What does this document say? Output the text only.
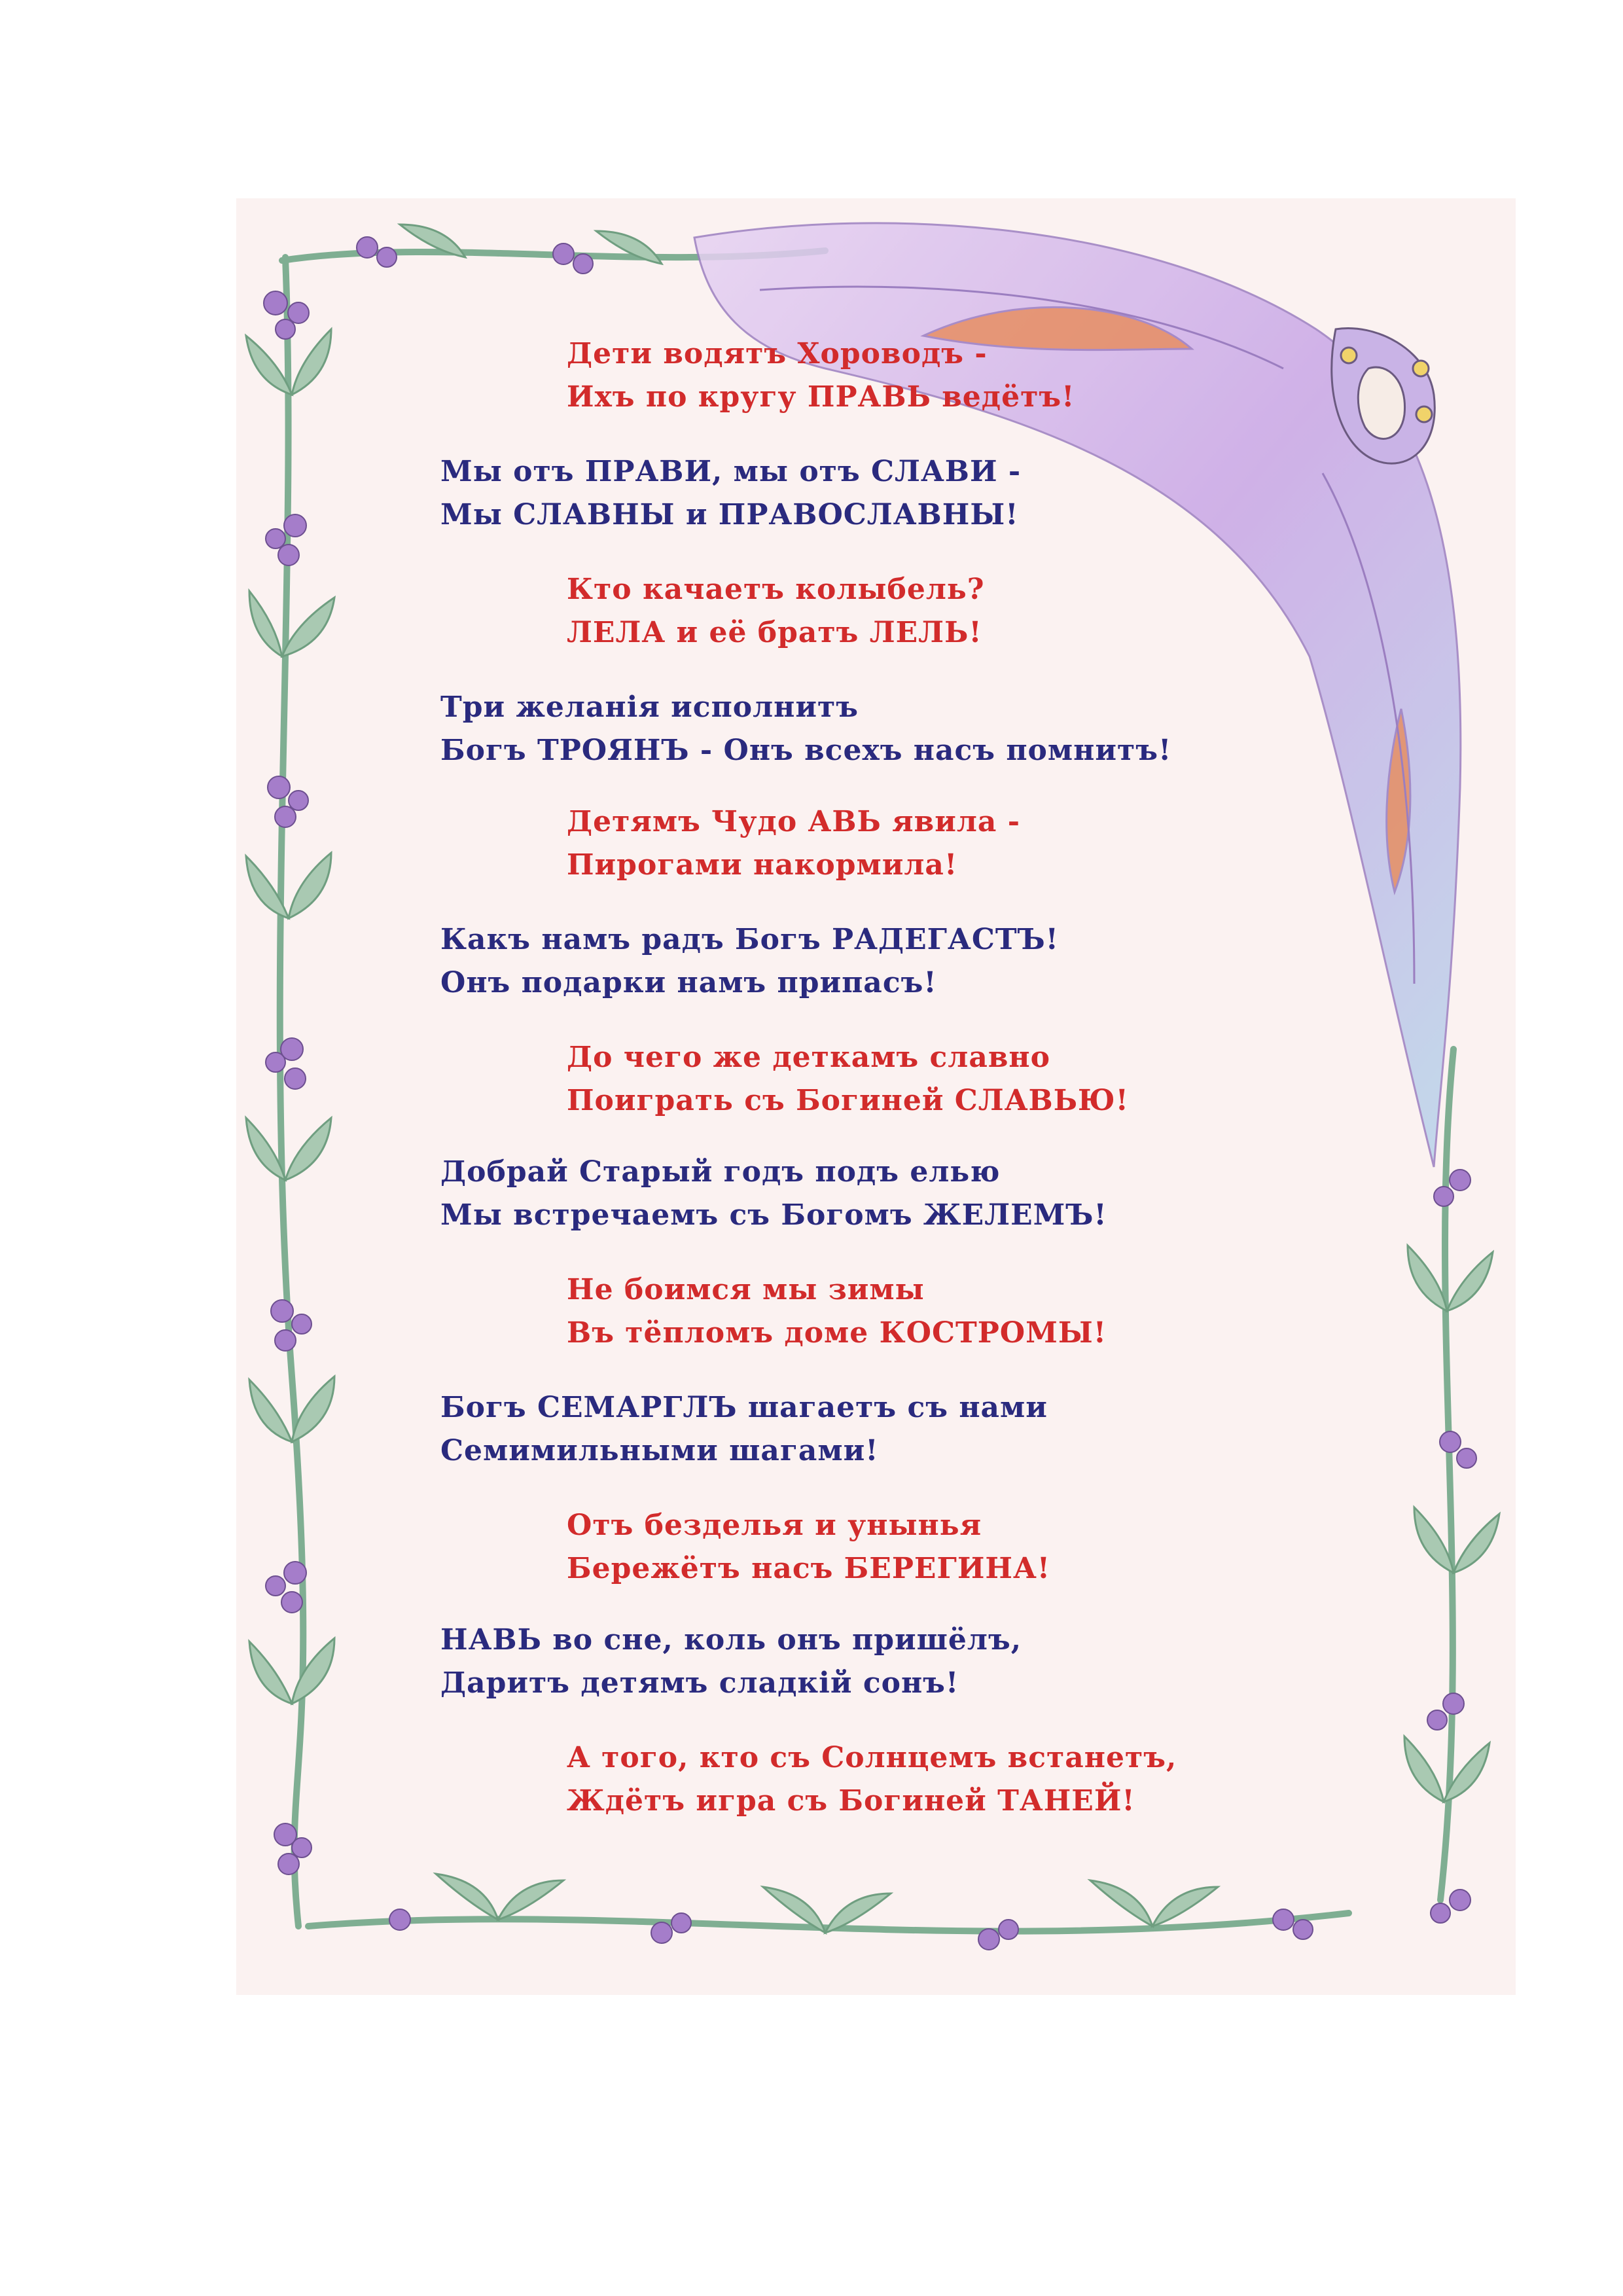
Дети водятъ Хороводъ -
Ихъ по кругу ПРАВЬ ведётъ!

Мы отъ ПРАВИ, мы отъ СЛАВИ -
Мы СЛАВНЫ и ПРАВОСЛАВНЫ!

Кто качаетъ колыбель?
ЛЕЛА и её братъ ЛЕЛЬ!

Три желанія исполнитъ
Богъ ТРОЯНЪ - Онъ всехъ насъ помнитъ!

Детямъ Чудо АВЬ явила -
Пирогами накормила!

Какъ намъ радъ Богъ РАДЕГАСТЪ!
Онъ подарки намъ припасъ!

До чего же деткамъ славно
Поиграть съ Богиней СЛАВЬЮ!

Добрай Старый годъ подъ елью
Мы встречаемъ съ Богомъ ЖЕЛЕМЪ!

Не боимся мы зимы
Въ тёпломъ доме КОСТРОМЫ!

Богъ СЕМАРГЛЪ шагаетъ съ нами
Семимильными шагами!

Отъ безделья и унынья
Бережётъ насъ БЕРЕГИНА!

НАВЬ во сне, коль онъ пришёлъ,
Даритъ детямъ сладкій сонъ!

А того, кто съ Солнцемъ встанетъ,
Ждётъ игра съ Богиней ТАНЕЙ!
